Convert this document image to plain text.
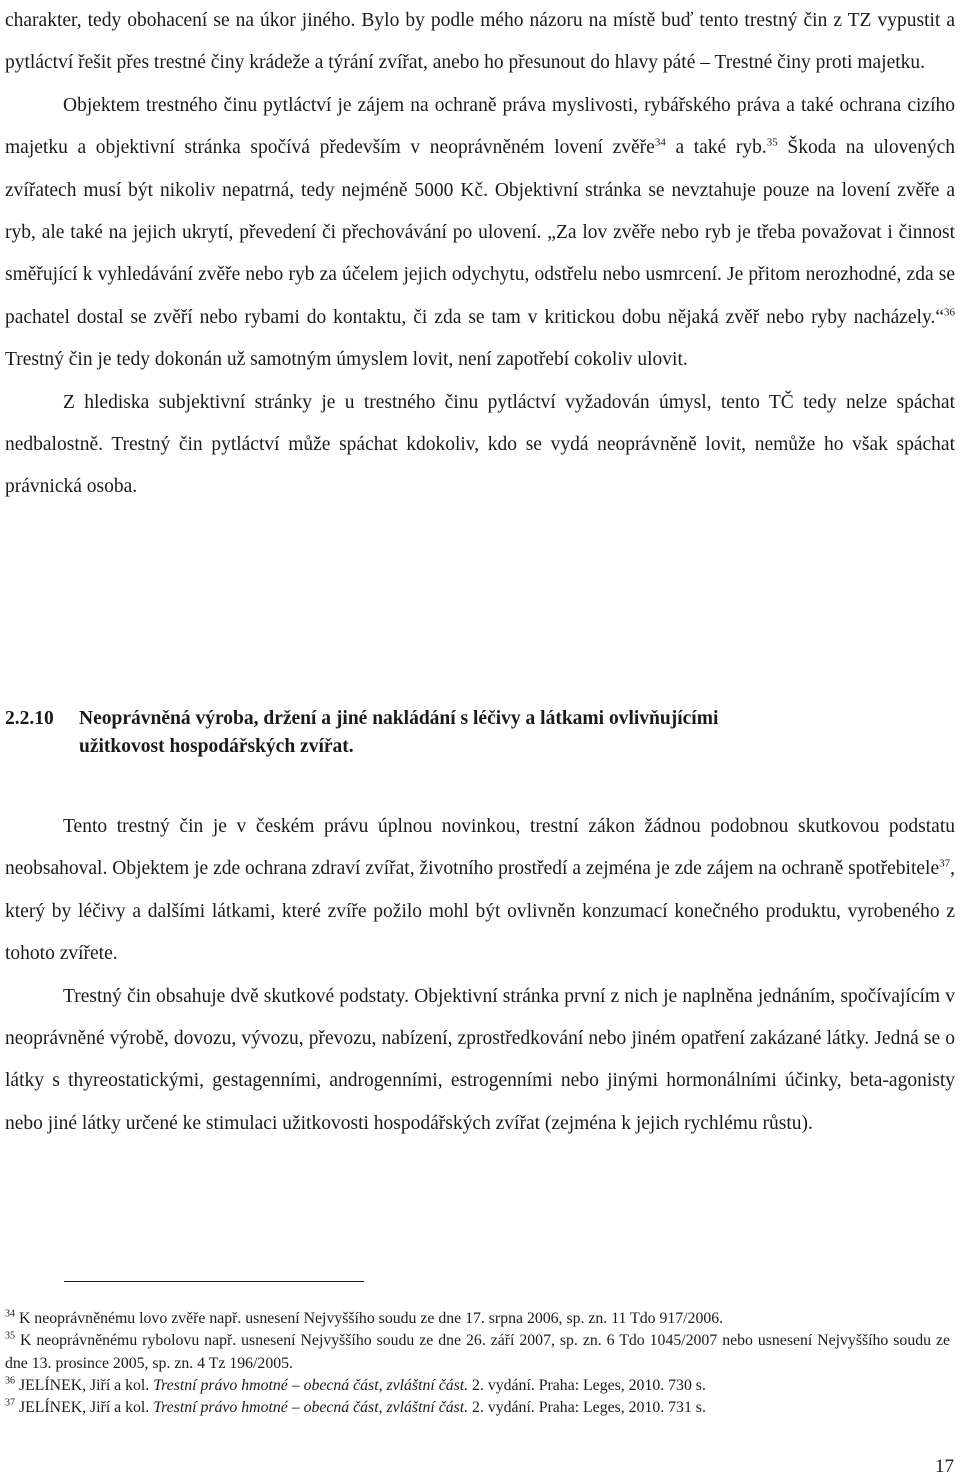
charakter, tedy obohacení se na úkor jiného. Bylo by podle mého názoru na místě buď tento trestný čin z TZ vypustit a pytláctví řešit přes trestné činy krádeže a týrání zvířat, anebo ho přesunout do hlavy páté – Trestné činy proti majetku.

Objektem trestného činu pytláctví je zájem na ochraně práva myslivosti, rybářského práva a také ochrana cizího majetku a objektivní stránka spočívá především v neoprávněném lovení zvěře$^{34}$ a také ryb.$^{35}$ Škoda na ulovených zvířatech musí být nikoliv nepatrná, tedy nejméně 5000 Kč. Objektivní stránka se nevztahuje pouze na lovení zvěře a ryb, ale také na jejich ukrytí, převedení či přechovávání po ulovení. „Za lov zvěře nebo ryb je třeba považovat i činnost směřující k vyhledávání zvěře nebo ryb za účelem jejich odychytu, odstřelu nebo usmrcení. Je přitom nerozhodné, zda se pachatel dostal se zvěří nebo rybami do kontaktu, či zda se tam v kritickou dobu nějaká zvěř nebo ryby nacházely.“$^{36}$ Trestný čin je tedy dokonán už samotným úmyslem lovit, není zapotřebí cokoliv ulovit.

Z hlediska subjektivní stránky je u trestného činu pytláctví vyžadován úmysl, tento TČ tedy nelze spáchat nedbalostně. Trestný čin pytláctví může spáchat kdokoliv, kdo se vydá neoprávněně lovit, nemůže ho však spáchat právnická osoba.

2.2.10 Neoprávněná výroba, držení a jiné nakládání s léčivy a látkami ovlivňujícími
užitkovost hospodářských zvířat.

Tento trestný čin je v českém právu úplnou novinkou, trestní zákon žádnou podobnou skutkovou podstatu neobsahoval. Objektem je zde ochrana zdraví zvířat, životního prostředí a zejména je zde zájem na ochraně spotřebitele$^{37}$, který by léčivy a dalšími látkami, které zvíře požilo mohl být ovlivněn konzumací konečného produktu, vyrobeného z tohoto zvířete.

Trestný čin obsahuje dvě skutkové podstaty. Objektivní stránka první z nich je naplněna jednáním, spočívajícím v neoprávněné výrobě, dovozu, vývozu, převozu, nabízení, zprostředkování nebo jiném opatření zakázané látky. Jedná se o látky s thyreostatickými, gestagenními, androgenními, estrogenními nebo jinými hormonálními účinky, beta-agonisty nebo jiné látky určené ke stimulaci užitkovosti hospodářských zvířat (zejména k jejich rychlému růstu).

$^{34}$ K neoprávněnému lovo zvěře např. usnesení Nejvyššího soudu ze dne 17. srpna 2006, sp. zn. 11 Tdo 917/2006.

$^{35}$ K neoprávněnému rybolovu např. usnesení Nejvyššího soudu ze dne 26. září 2007, sp. zn. 6 Tdo 1045/2007 nebo usnesení Nejvyššího soudu ze dne 13. prosince 2005, sp. zn. 4 Tz 196/2005.

$^{36}$ JELÍNEK, Jiří a kol. Trestní právo hmotné – obecná část, zvláštní část. 2. vydání. Praha: Leges, 2010. 730 s.

$^{37}$ JELÍNEK, Jiří a kol. Trestní právo hmotné – obecná část, zvláštní část. 2. vydání. Praha: Leges, 2010. 731 s.

17
